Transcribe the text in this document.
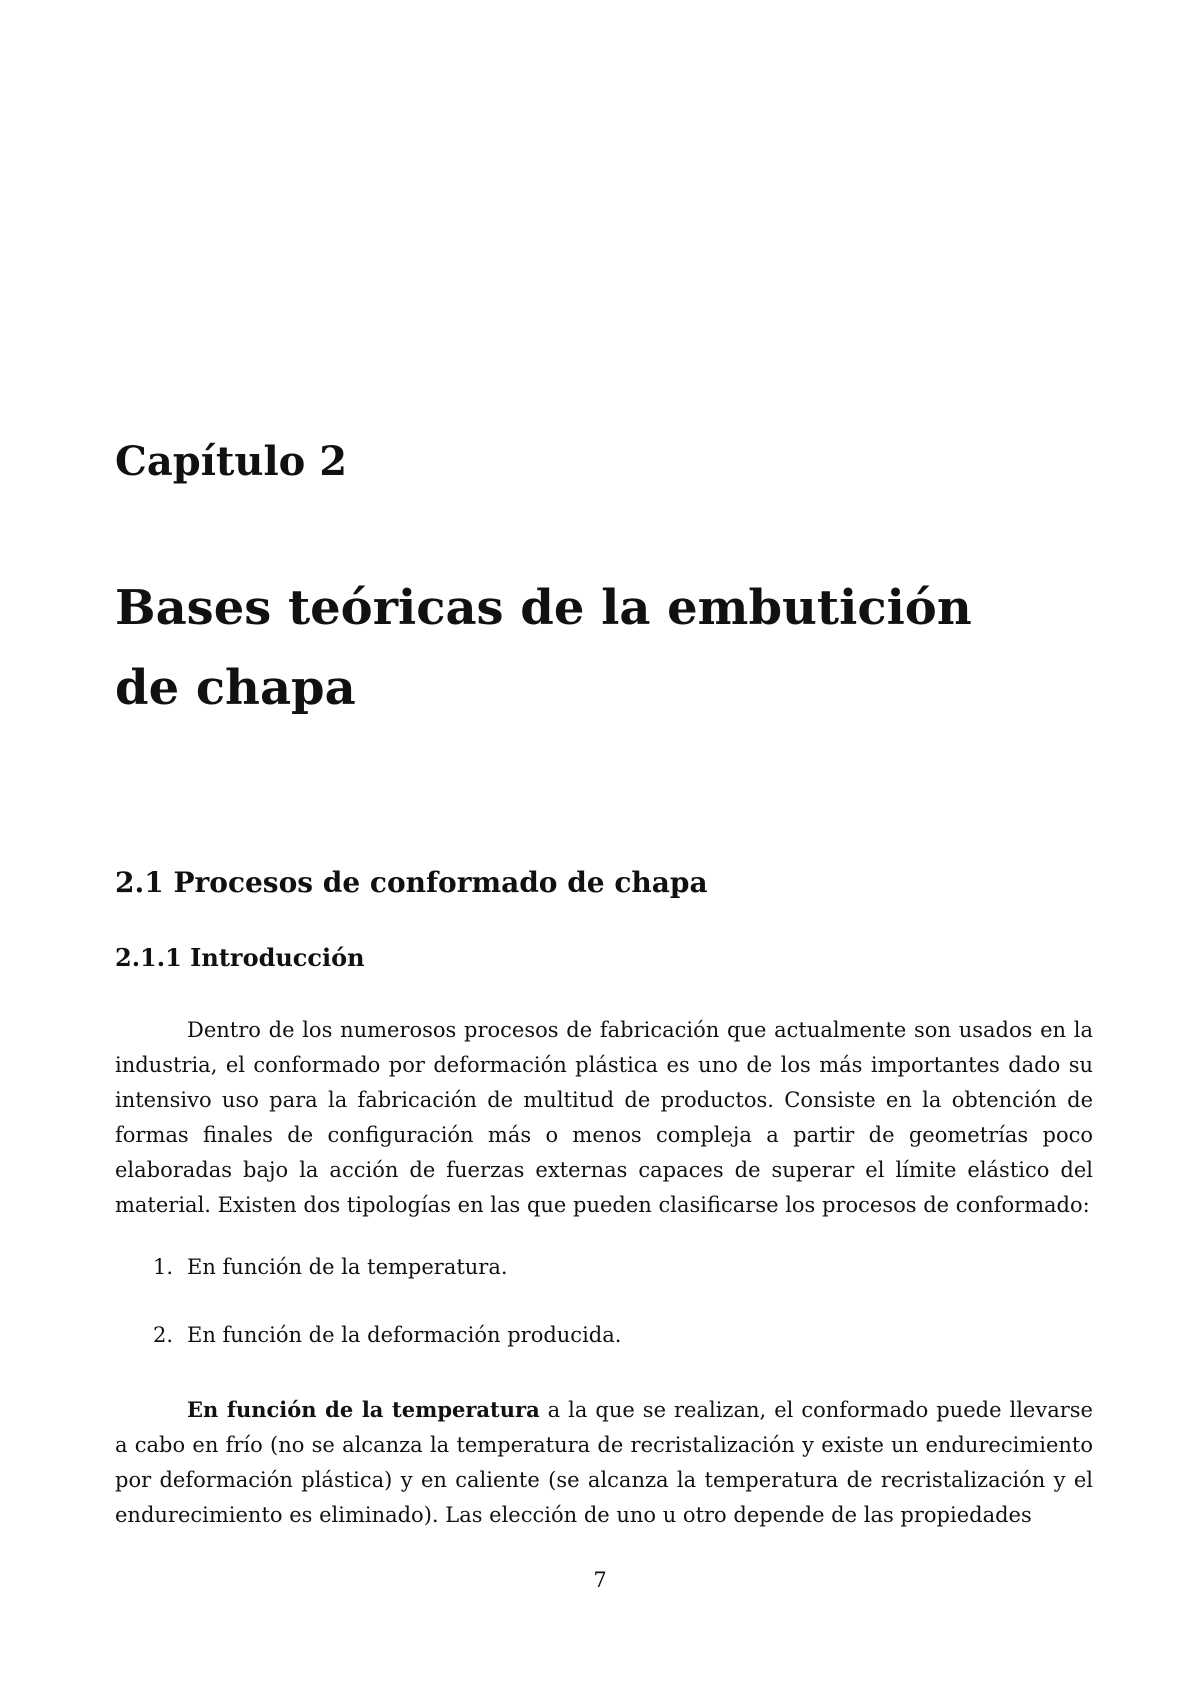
Capítulo 2
Bases teóricas de la embutición de chapa
2.1 Procesos de conformado de chapa
2.1.1 Introducción

Dentro de los numerosos procesos de fabricación que actualmente son usados en la industria, el conformado por deformación plástica es uno de los más importantes dado su intensivo uso para la fabricación de multitud de productos. Consiste en la obtención de formas finales de configuración más o menos compleja a partir de geometrías poco elaboradas bajo la acción de fuerzas externas capaces de superar el límite elástico del material. Existen dos tipologías en las que pueden clasificarse los procesos de conformado:

1. En función de la temperatura.
2. En función de la deformación producida.

En función de la temperatura a la que se realizan, el conformado puede llevarse a cabo en frío (no se alcanza la temperatura de recristalización y existe un endurecimiento por deformación plástica) y en caliente (se alcanza la temperatura de recristalización y el endurecimiento es eliminado). Las elección de uno u otro depende de las propiedades

7
